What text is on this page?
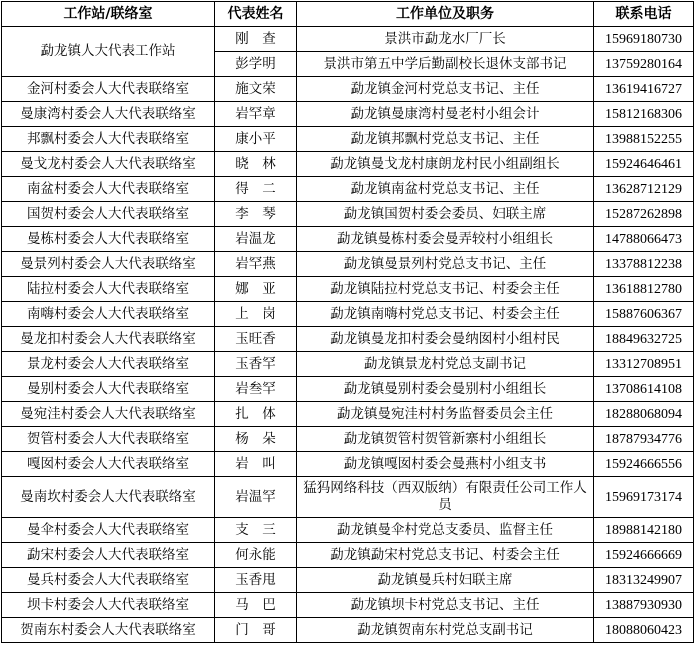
工作站/联络室	代表姓名	工作单位及职务	联系电话
勐龙镇人大代表工作站	刚　查	景洪市勐龙水厂厂长	15969180730
	彭学明	景洪市第五中学后勤副校长退休支部书记	13759280164
金河村委会人大代表联络室	施文荣	勐龙镇金河村党总支书记、主任	13619416727
曼康湾村委会人大代表联络室	岩罕章	勐龙镇曼康湾村曼老村小组会计	15812168306
邦飘村委会人大代表联络室	康小平	勐龙镇邦飘村党总支书记、主任	13988152255
曼戈龙村委会人大代表联络室	晓　林	勐龙镇曼戈龙村康朗龙村民小组副组长	15924646461
南盆村委会人大代表联络室	得　二	勐龙镇南盆村党总支书记、主任	13628712129
国贺村委会人大代表联络室	李　琴	勐龙镇国贺村委会委员、妇联主席	15287262898
曼栋村委会人大代表联络室	岩温龙	勐龙镇曼栋村委会曼弄较村小组组长	14788066473
曼景列村委会人大代表联络室	岩罕燕	勐龙镇曼景列村党总支书记、主任	13378812238
陆拉村委会人大代表联络室	娜　亚	勐龙镇陆拉村党总支书记、村委会主任	13618812780
南嗨村委会人大代表联络室	上　岗	勐龙镇南嗨村党总支书记、村委会主任	15887606367
曼龙扣村委会人大代表联络室	玉旺香	勐龙镇曼龙扣村委会曼纳囡村小组村民	18849632725
景龙村委会人大代表联络室	玉香罕	勐龙镇景龙村党总支副书记	13312708951
曼别村委会人大代表联络室	岩叁罕	勐龙镇曼别村委会曼别村小组组长	13708614108
曼宛洼村委会人大代表联络室	扎　体	勐龙镇曼宛洼村村务监督委员会主任	18288068094
贺管村委会人大代表联络室	杨　朵	勐龙镇贺管村贺管新寨村小组组长	18787934776
嘎囡村委会人大代表联络室	岩　叫	勐龙镇嘎囡村委会曼燕村小组支书	15924666556
曼南坎村委会人大代表联络室	岩温罕	猛犸网络科技（西双版纳）有限责任公司工作人员	15969173174
曼伞村委会人大代表联络室	支　三	勐龙镇曼伞村党总支委员、监督主任	18988142180
勐宋村委会人大代表联络室	何永能	勐龙镇勐宋村党总支书记、村委会主任	15924666669
曼兵村委会人大代表联络室	玉香甩	勐龙镇曼兵村妇联主席	18313249907
坝卡村委会人大代表联络室	马　巴	勐龙镇坝卡村党总支书记、主任	13887930930
贺南东村委会人大代表联络室	门　哥	勐龙镇贺南东村党总支副书记	18088060423
